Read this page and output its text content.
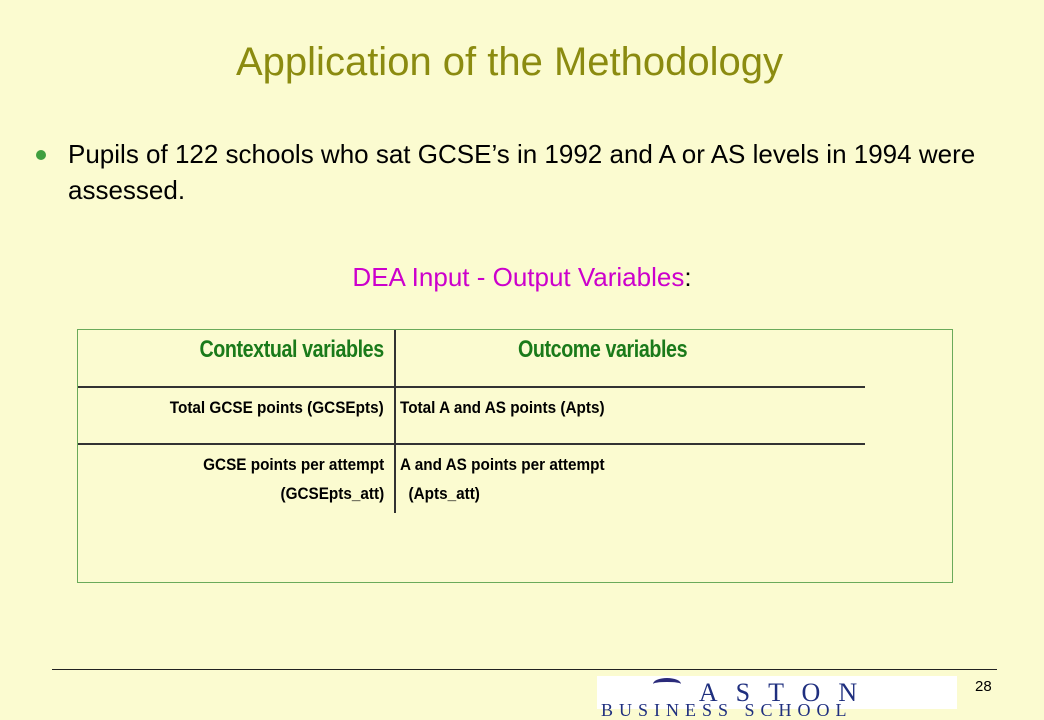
Application of the Methodology
Pupils of 122 schools who sat GCSE’s in 1992 and A or AS levels in 1994 were assessed.
DEA Input - Output Variables:
Contextual variables	Outcome variables
Total GCSE points (GCSEpts) Total A and AS points (Apts)
GCSE points per attempt
(GCSEpts_att)
A and AS points per attempt
(Apts_att)
ASTON
BUSINESS SCHOOL
28
